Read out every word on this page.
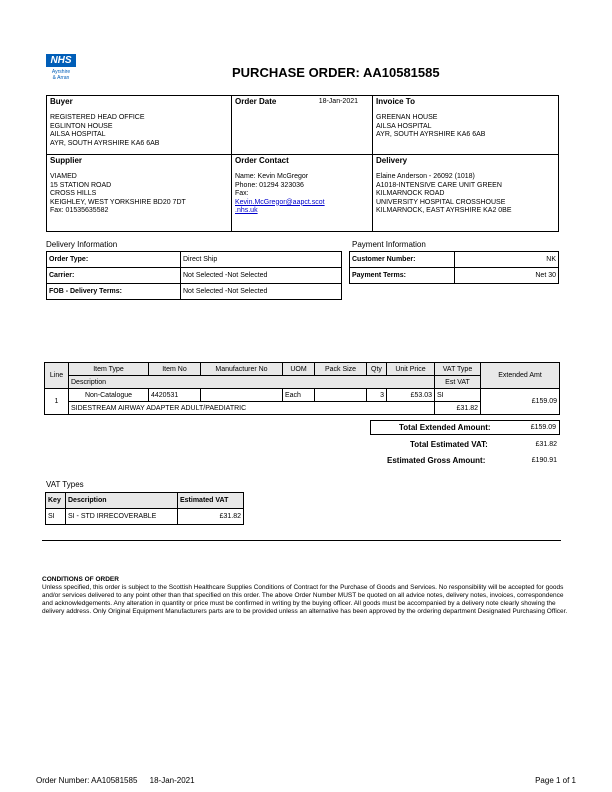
NHS
Ayrshire
& Arran	PURCHASE ORDER: AA10581585
Buyer
REGISTERED HEAD OFFICE
EGLINTON HOUSE
AILSA HOSPITAL
AYR, SOUTH AYRSHIRE KA6 6AB
Order Date	18-Jan-2021 Invoice To
GREENAN HOUSE
AILSA HOSPITAL
AYR, SOUTH AYRSHIRE KA6 6AB
Supplier
VIAMED
15 STATION ROAD
CROSS HILLS
KEIGHLEY, WEST YORKSHIRE BD20 7DT
Fax: 01535635582
Order Contact
Name: Kevin McGregor
Phone: 01294 323036
Fax:
Kevin.McGregor@aapct.scot
.nhs.uk
Delivery
Elaine Anderson - 26092 (1018)
A1018-INTENSIVE CARE UNIT GREEN
KILMARNOCK ROAD
UNIVERSITY HOSPITAL CROSSHOUSE
KILMARNOCK, EAST AYRSHIRE KA2 0BE
Delivery Information
Order Type:	Direct Ship
Carrier:	Not Selected -Not Selected
FOB - Delivery Terms:	Not Selected -Not Selected
Payment Information
Customer Number:	NK
Payment Terms:	Net 30
Line	Item Type	Item No	Manufacturer No	UOM	Pack Size	Qty	Unit Price	VAT Type	Extended Amt
	Description							Est VAT	
1	Non-Catalogue	4420531		Each		3	£53.03	SI	£159.09
	SIDESTREAM AIRWAY ADAPTER ADULT/PAEDIATRIC							£31.82	
Total Extended Amount:	£159.09
Total Estimated VAT:	£31.82
Estimated Gross Amount:	£190.91
VAT Types
Key	Description	Estimated VAT
SI	SI - STD IRRECOVERABLE	£31.82
CONDITIONS OF ORDER
Unless specified, this order is subject to the Scottish Healthcare Supplies Conditions of Contract for the Purchase of Goods and Services. No responsibility will be accepted for goods and/or services delivered to any point other than that specified on this order. The above Order Number MUST be quoted on all advice notes, delivery notes, invoices, correspondence and acknowledgements. Any alteration in quantity or price must be confirmed in writing by the buying officer. All goods must be accompanied by a delivery note clearly showing the delivery address. Only Original Equipment Manufacturers parts are to be provided unless an alternative has been approved by the ordering department Designated Purchasing Officer.
Order Number: AA10581585 18-Jan-2021	Page 1 of 1
